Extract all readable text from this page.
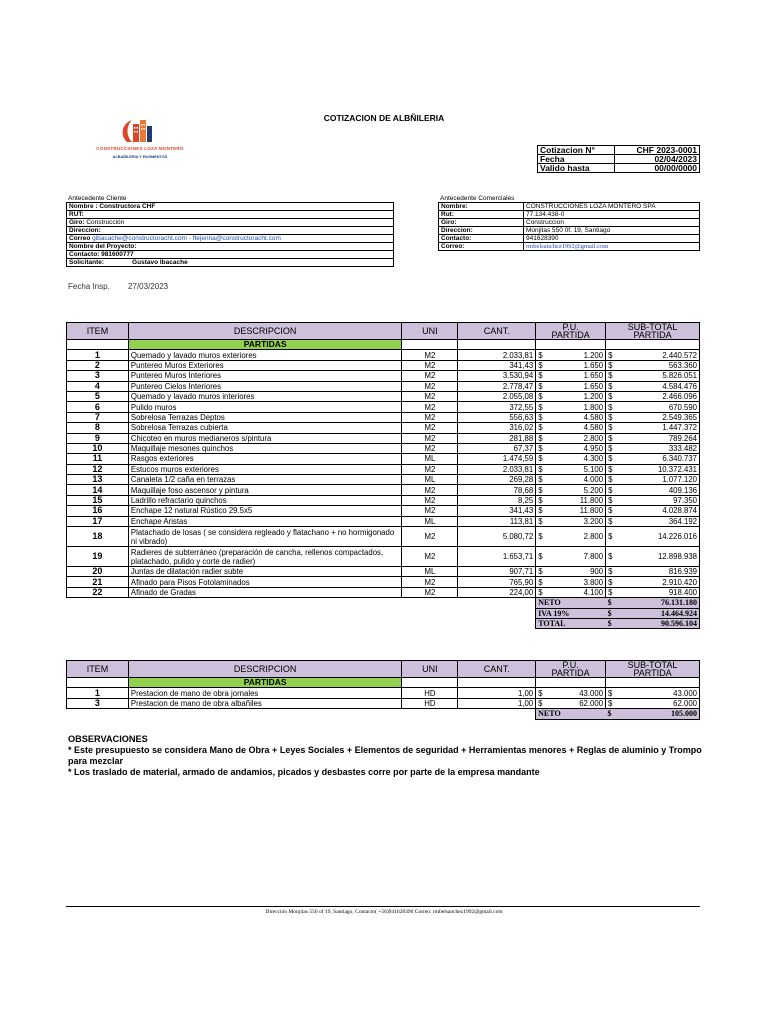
COTIZACION DE ALBÑILERIA
CONSTRUCCIONES LOZA MONTERO
ALBAÑILERIA Y PAVIMENTOS
Cotizacion N°	CHF 2023-0001
Fecha	02/04/2023
Valido hasta	00/00/0000
Antecedente Cliente
Nombre : Constructora CHF
RUT:
Giro: Construcción
Direccion:
Correo gibacache@constructoracht.com - ftejerina@constructoracht.com
Nombre del Proyecto:
Contacto: 981600777
Solicitante:	Gustavo Ibacache
Antecedente Comerciales
Nombre:	CONSTRUCCIONES LOZA MONTERO SPA
Rut:	77.134.438-0
Giro:	Construccion
Direccion:	Monjitas 550 0f. 19, Santiago
Contacto:	941628390
Correo:	rmbelsanchez1992@gmail.com
Fecha Insp. 27/03/2023
ITEM	DESCRIPCION	UNI	CANT.	P.U.
PARTIDA		SUB-TOTAL
PARTIDA	
	PARTIDAS						
1	Quemado y lavado muros exteriores	M2	2.033,81	$	1.200	$	2.440.572
2	Puntereo Muros Exteriores	M2	341,43	$	1.650	$	563.360
3	Puntereo Muros Interiores	M2	3.530,94	$	1.650	$	5.826.051
4	Puntereo Cielos Interiores	M2	2.778,47	$	1.650	$	4.584.476
5	Quemado y lavado muros interiores	M2	2.055,08	$	1.200	$	2.466.096
6	Pulido muros	M2	372,55	$	1.800	$	670.590
7	Sobrelosa Terrazas Deptos	M2	556,63	$	4.580	$	2.549.365
8	Sobrelosa Terrazas cubierta	M2	316,02	$	4.580	$	1.447.372
9	Chicoteo en muros medianeros s/pintura	M2	281,88	$	2.800	$	789.264
10	Maquillaje mesones quinchos	M2	67,37	$	4.950	$	333.482
11	Rasgos exteriores	ML	1.474,59	$	4.300	$	6.340.737
12	Estucos muros exteriores	M2	2.033,81	$	5.100	$	10.372.431
13	Canaleta 1/2 caña en terrazas	ML	269,28	$	4.000	$	1.077.120
14	Maquillaje foso ascensor y pintura	M2	78,68	$	5.200	$	409.136
15	Ladrillo refractario quinchos	M2	8,25	$	11.800	$	97.350
16	Enchape 12 natural Rústico 29.5x5	M2	341,43	$	11.800	$	4.028.874
17	Enchape Aristas	ML	113,81	$	3.200	$	364.192
18	Platachado de losas ( se considera regleado y flatachano + no hormigonado ni vibrado)	M2	5.080,72	$	2.800	$	14.226.016
19	Radieres de subterráneo (preparación de cancha, rellenos compactados, platachado, pulido y corte de radier)	M2	1.653,71	$	7.800	$	12.898.938
20	Juntas de dilatación radier subte	ML	907,71	$	900	$	816.939
21	Afinado para Pisos Fotolaminados	M2	765,90	$	3.800	$	2.910.420
22	Afinado de Gradas	M2	224,00	$	4.100	$	918.400
				NETO		$	76.131.180
				IVA 19%		$	14.464.924
				TOTAL		$	90.596.104
ITEM	DESCRIPCION	UNI	CANT.	P.U.
PARTIDA		SUB-TOTAL
PARTIDA	
	PARTIDAS						
1	Prestacion de mano de obra jornales	HD	1,00	$	43.000	$	43.000
3	Prestacion de mano de obra albañiles	HD	1,00	$	62.000	$	62.000
				NETO		$	105.000
OBSERVACIONES
* Este presupuesto se considera Mano de Obra + Leyes Sociales + Elementos de seguridad + Herramientas menores + Reglas de aluminio y Trompo para mezclar
* Los traslado de material, armado de andamios, picados y desbastes corre por parte de la empresa mandante
Dirección Monjitas 550 of 19, Santiago, Contacto( +56)941628390 Correo: rmbelsanchez1992@gmail.com
